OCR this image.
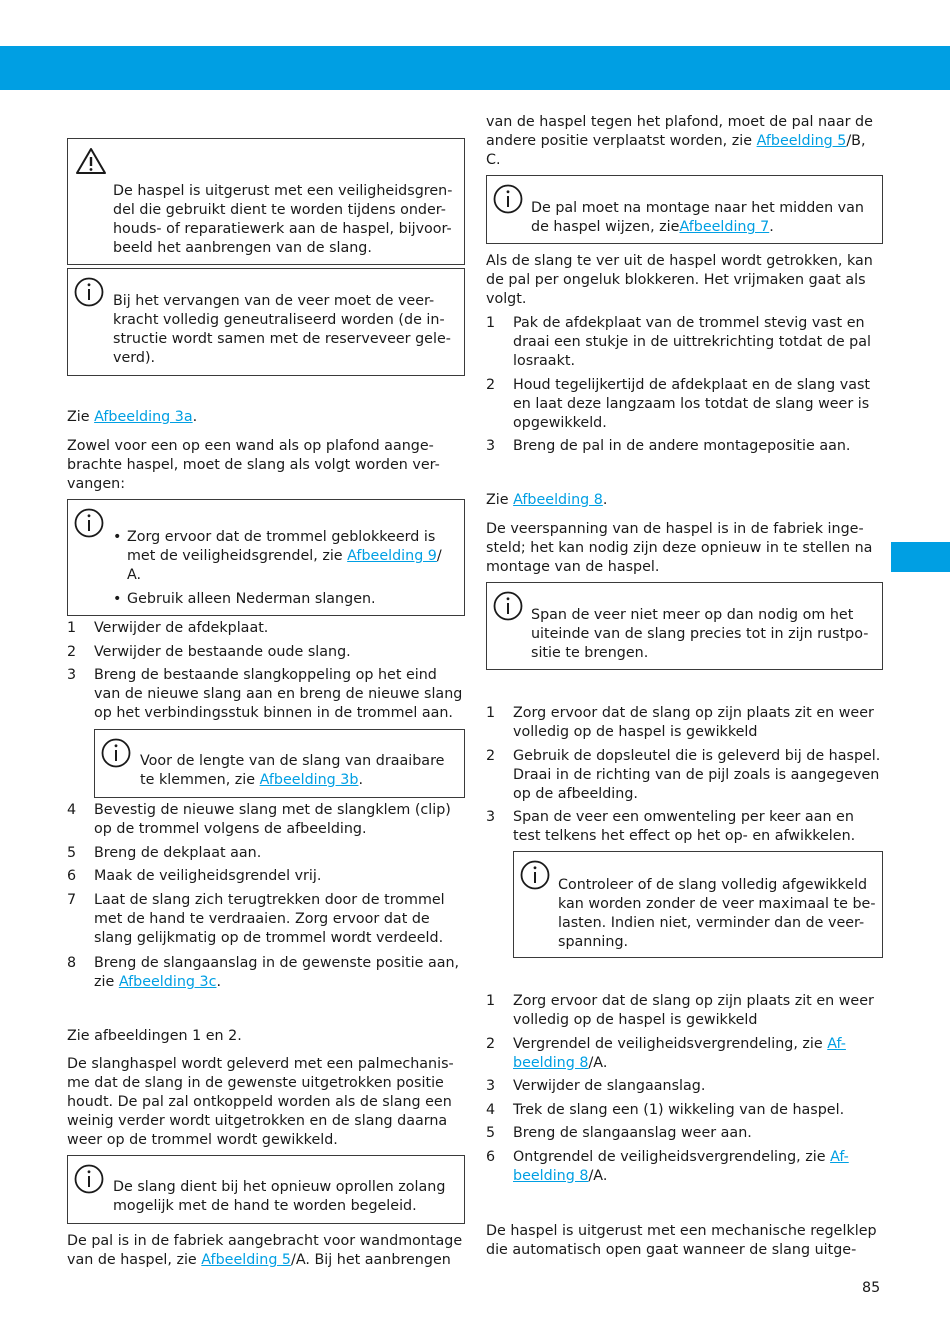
De haspel is uitgerust met een veiligheidsgren-del die gebruikt dient te worden tijdens onder-houds- of reparatiewerk aan de haspel, bijvoor-beeld het aanbrengen van de slang.

Bij het vervangen van de veer moet de veer-kracht volledig geneutraliseerd worden (de in-structie wordt samen met de reserveveer gele-verd).

Zie Afbeelding 3a.

Zowel voor een op een wand als op plafond aange-brachte haspel, moet de slang als volgt worden ver-vangen:

• Zorg ervoor dat de trommel geblokkeerd is met de veiligheidsgrendel, zie Afbeelding 9/ A.
• Gebruik alleen Nederman slangen.
1 Verwijder de afdekplaat.
2 Verwijder de bestaande oude slang.
3 Breng de bestaande slangkoppeling op het eind van de nieuwe slang aan en breng de nieuwe slang op het verbindingsstuk binnen in de trommel aan.

Voor de lengte van de slang van draaibare te klemmen, zie Afbeelding 3b.

4 Bevestig de nieuwe slang met de slangklem (clip) op de trommel volgens de afbeelding.
5 Breng de dekplaat aan.
6 Maak de veiligheidsgrendel vrij.
7 Laat de slang zich terugtrekken door de trommel met de hand te verdraaien. Zorg ervoor dat de slang gelijkmatig op de trommel wordt verdeeld.
8 Breng de slangaanslag in de gewenste positie aan, zie Afbeelding 3c.

Zie afbeeldingen 1 en 2.

De slanghaspel wordt geleverd met een palmechanis-me dat de slang in de gewenste uitgetrokken positie houdt. De pal zal ontkoppeld worden als de slang een weinig verder wordt uitgetrokken en de slang daarna weer op de trommel wordt gewikkeld.

De slang dient bij het opnieuw oprollen zolang mogelijk met de hand te worden begeleid.

De pal is in de fabriek aangebracht voor wandmontage van de haspel, zie Afbeelding 5/A. Bij het aanbrengen

van de haspel tegen het plafond, moet de pal naar de andere positie verplaatst worden, zie Afbeelding 5/B, C.

De pal moet na montage naar het midden van de haspel wijzen, zieAfbeelding 7.

Als de slang te ver uit de haspel wordt getrokken, kan de pal per ongeluk blokkeren. Het vrijmaken gaat als volgt.

1 Pak de afdekplaat van de trommel stevig vast en draai een stukje in de uittrekrichting totdat de pal losraakt.
2 Houd tegelijkertijd de afdekplaat en de slang vast en laat deze langzaam los totdat de slang weer is opgewikkeld.
3 Breng de pal in de andere montagepositie aan.

Zie Afbeelding 8.

De veerspanning van de haspel is in de fabriek inge-steld; het kan nodig zijn deze opnieuw in te stellen na montage van de haspel.

Span de veer niet meer op dan nodig om het uiteinde van de slang precies tot in zijn rustpo-sitie te brengen.

1 Zorg ervoor dat de slang op zijn plaats zit en weer volledig op de haspel is gewikkeld
2 Gebruik de dopsleutel die is geleverd bij de haspel. Draai in de richting van de pijl zoals is aangegeven op de afbeelding.
3 Span de veer een omwenteling per keer aan en test telkens het effect op het op- en afwikkelen.

Controleer of de slang volledig afgewikkeld kan worden zonder de veer maximaal te be-lasten. Indien niet, verminder dan de veer-spanning.

1 Zorg ervoor dat de slang op zijn plaats zit en weer volledig op de haspel is gewikkeld
2 Vergrendel de veiligheidsvergrendeling, zie Af-beelding 8/A.
3 Verwijder de slangaanslag.
4 Trek de slang een (1) wikkeling van de haspel.
5 Breng de slangaanslag weer aan.
6 Ontgrendel de veiligheidsvergrendeling, zie Af-beelding 8/A.

De haspel is uitgerust met een mechanische regelklep die automatisch open gaat wanneer de slang uitge-

85
